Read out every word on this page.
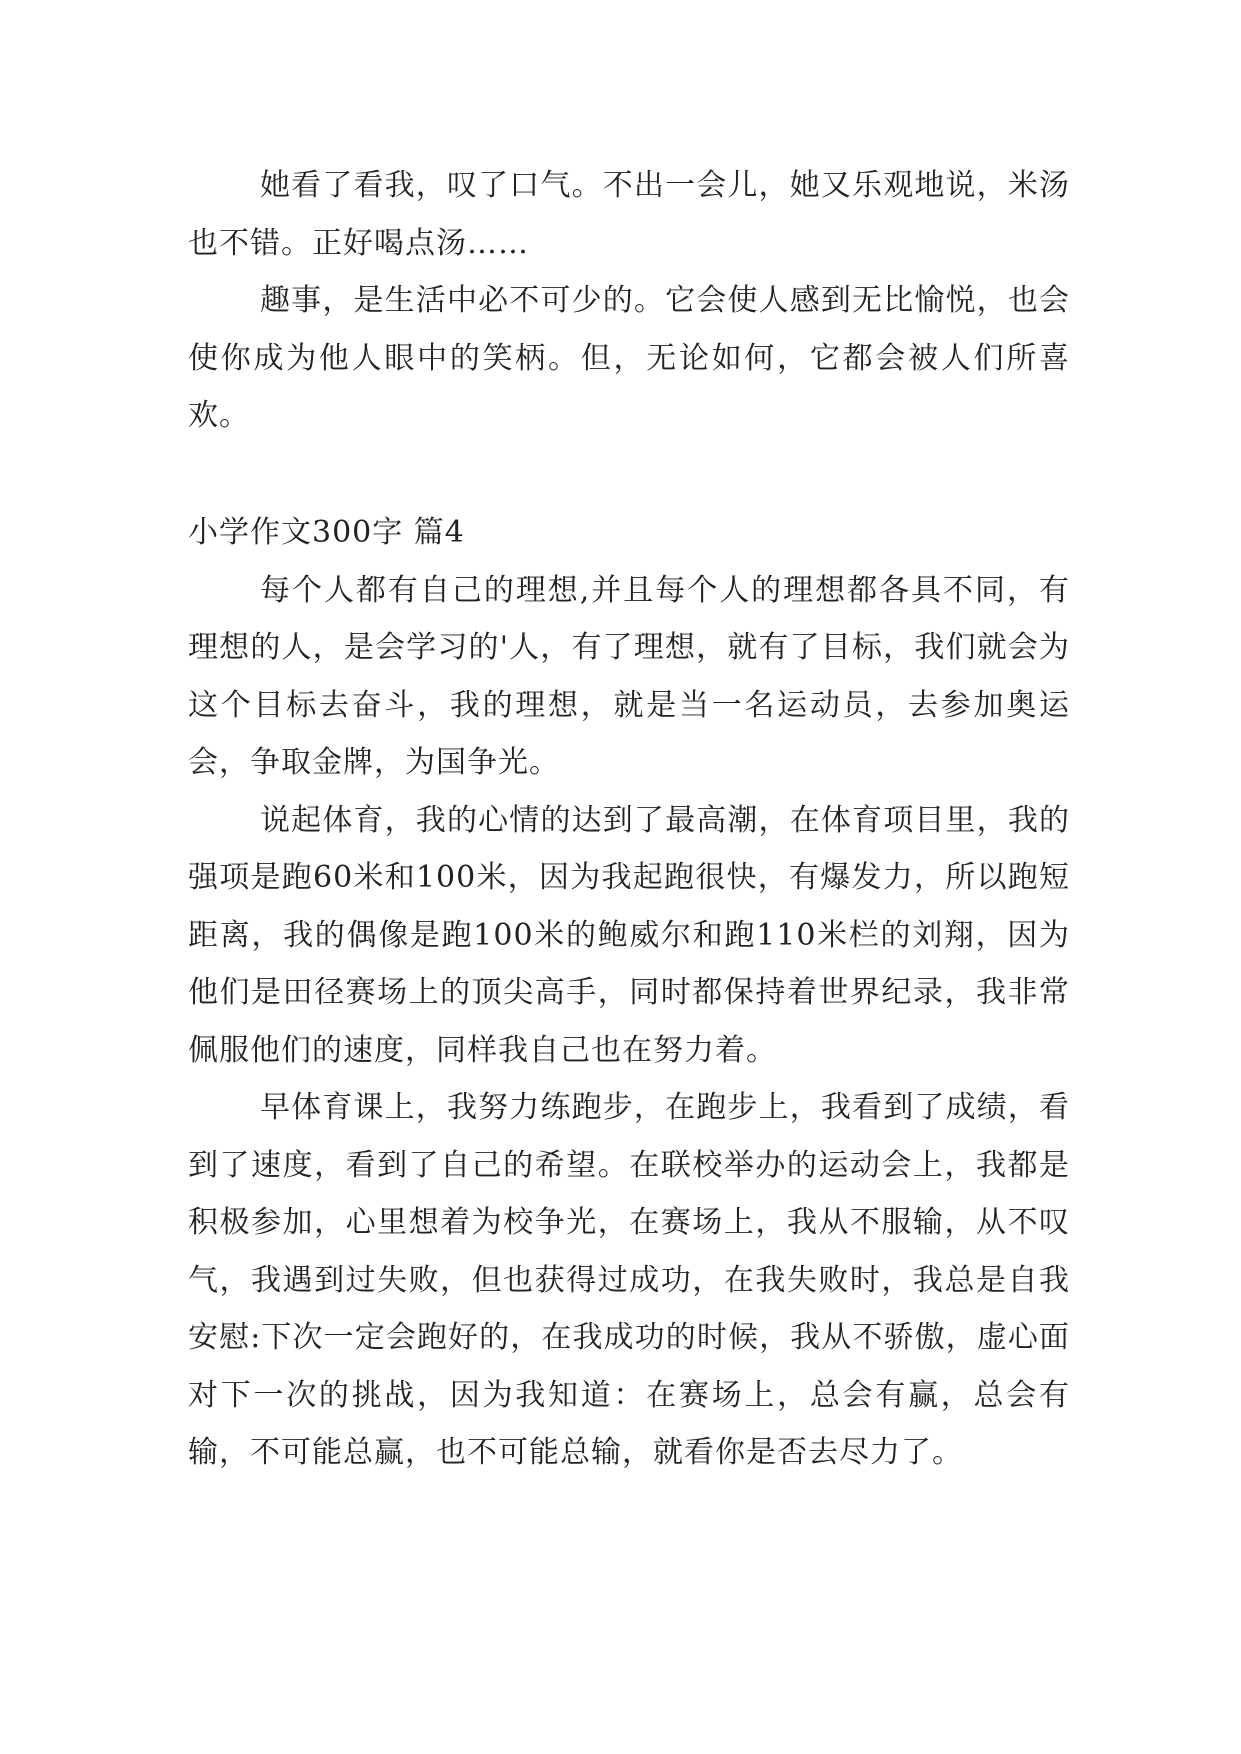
她看了看我，叹了口气。不出一会儿，她又乐观地说，米汤也不错。正好喝点汤……

趣事，是生活中必不可少的。它会使人感到无比愉悦，也会使你成为他人眼中的笑柄。但，无论如何，它都会被人们所喜欢。

小学作文300字 篇4

每个人都有自己的理想,并且每个人的理想都各具不同，有理想的人，是会学习的'人，有了理想，就有了目标，我们就会为这个目标去奋斗，我的理想，就是当一名运动员，去参加奥运会，争取金牌，为国争光。

说起体育，我的心情的达到了最高潮，在体育项目里，我的强项是跑60米和100米，因为我起跑很快，有爆发力，所以跑短距离，我的偶像是跑100米的鲍威尔和跑110米栏的刘翔，因为他们是田径赛场上的顶尖高手，同时都保持着世界纪录，我非常佩服他们的速度，同样我自己也在努力着。

早体育课上，我努力练跑步，在跑步上，我看到了成绩，看到了速度，看到了自己的希望。在联校举办的运动会上，我都是积极参加，心里想着为校争光，在赛场上，我从不服输，从不叹气，我遇到过失败，但也获得过成功，在我失败时，我总是自我安慰:下次一定会跑好的，在我成功的时候，我从不骄傲，虚心面对下一次的挑战，因为我知道：在赛场上，总会有赢，总会有输，不可能总赢，也不可能总输，就看你是否去尽力了。
